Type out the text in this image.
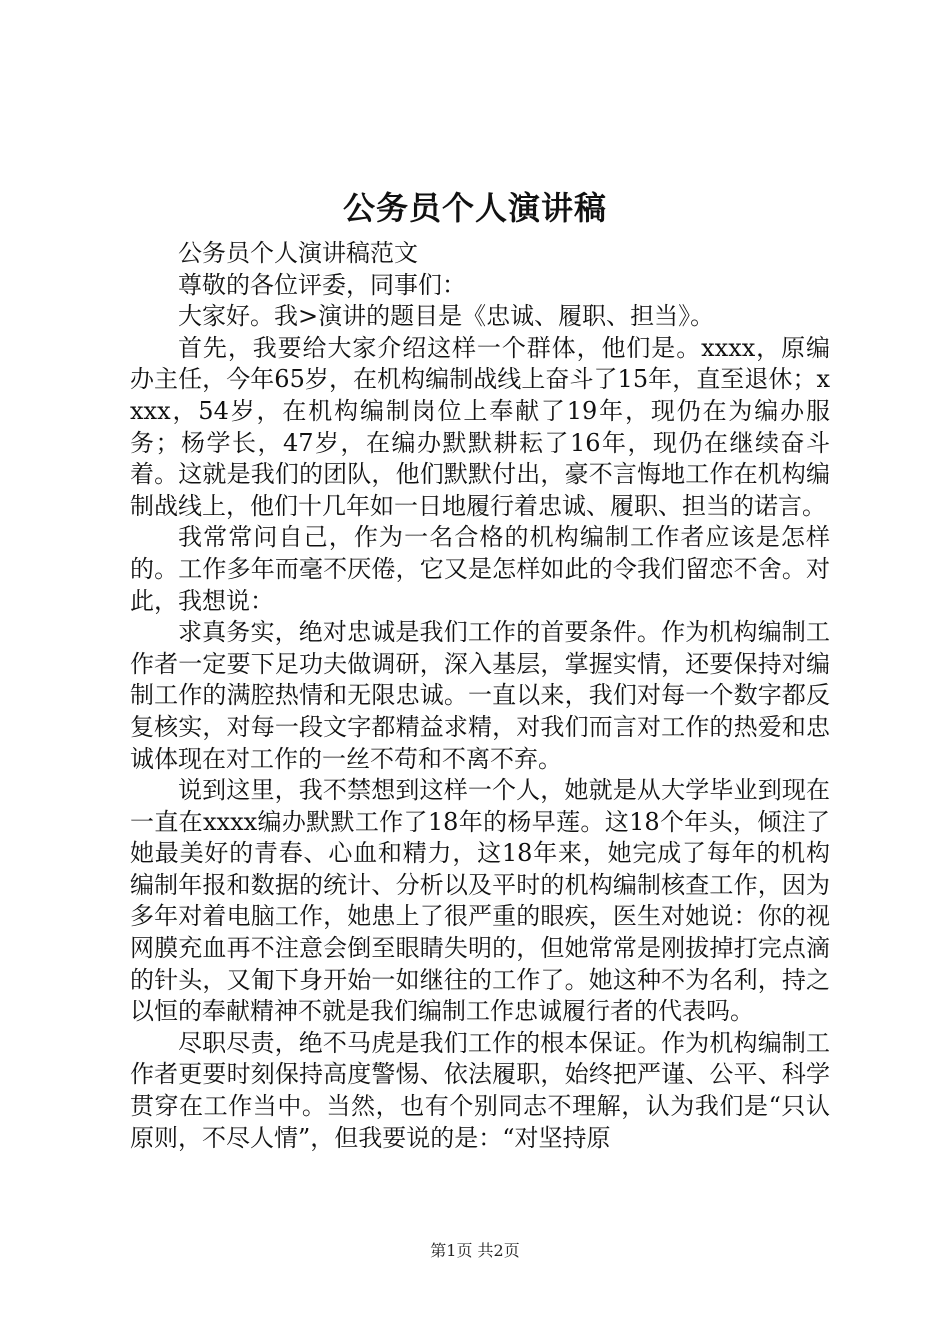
公务员个人演讲稿

公务员个人演讲稿范文

尊敬的各位评委，同事们：

大家好。我>演讲的题目是《忠诚、履职、担当》。

首先，我要给大家介绍这样一个群体，他们是。xxxx，原编办主任，今年65岁，在机构编制战线上奋斗了15年，直至退休；xxxx，54岁，在机构编制岗位上奉献了19年，现仍在为编办服务；杨学长，47岁，在编办默默耕耘了16年，现仍在继续奋斗着。这就是我们的团队，他们默默付出，豪不言悔地工作在机构编制战线上，他们十几年如一日地履行着忠诚、履职、担当的诺言。

我常常问自己，作为一名合格的机构编制工作者应该是怎样的。工作多年而毫不厌倦，它又是怎样如此的令我们留恋不舍。对此，我想说：

求真务实，绝对忠诚是我们工作的首要条件。作为机构编制工作者一定要下足功夫做调研，深入基层，掌握实情，还要保持对编制工作的满腔热情和无限忠诚。一直以来，我们对每一个数字都反复核实，对每一段文字都精益求精，对我们而言对工作的热爱和忠诚体现在对工作的一丝不苟和不离不弃。

说到这里，我不禁想到这样一个人，她就是从大学毕业到现在一直在xxxx编办默默工作了18年的杨早莲。这18个年头，倾注了她最美好的青春、心血和精力，这18年来，她完成了每年的机构编制年报和数据的统计、分析以及平时的机构编制核查工作，因为多年对着电脑工作，她患上了很严重的眼疾，医生对她说：你的视网膜充血再不注意会倒至眼睛失明的，但她常常是刚拔掉打完点滴的针头，又匍下身开始一如继往的工作了。她这种不为名利，持之以恒的奉献精神不就是我们编制工作忠诚履行者的代表吗。

尽职尽责，绝不马虎是我们工作的根本保证。作为机构编制工作者更要时刻保持高度警惕、依法履职，始终把严谨、公平、科学贯穿在工作当中。当然，也有个别同志不理解，认为我们是“只认原则，不尽人情”，但我要说的是：“对坚持原

第1页 共2页
